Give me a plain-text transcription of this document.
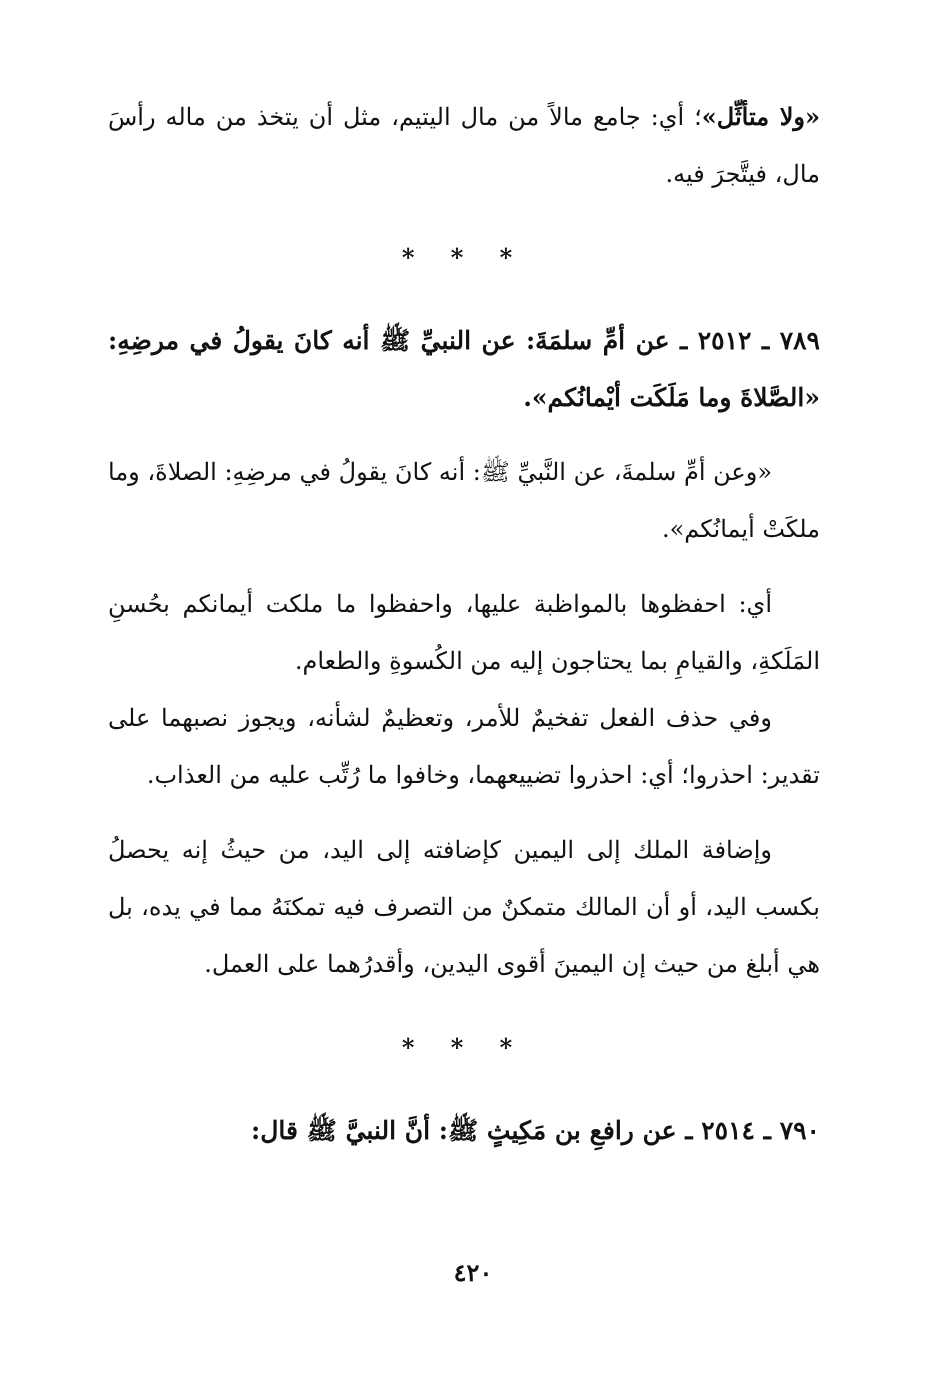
«ولا متأثِّل»؛ أي: جامع مالاً من مال اليتيم، مثل أن يتخذ من ماله رأسَ مال، فيتَّجرَ فيه.

* * *

٧٨٩ ـ ٢٥١٢ ـ عن أمِّ سلمَةَ: عن النبيِّ ﷺ أنه كانَ يقولُ في مرضِهِ: «الصَّلاةَ وما مَلَكَت أيْمانُكم».

«وعن أمِّ سلمةَ، عن النَّبيِّ ﷺ: أنه كانَ يقولُ في مرضِهِ: الصلاةَ، وما ملكَتْ أيمانُكم».

أي: احفظوها بالمواظبة عليها، واحفظوا ما ملكت أيمانكم بحُسنِ المَلَكةِ، والقيامِ بما يحتاجون إليه من الكُسوةِ والطعام.

وفي حذف الفعل تفخيمٌ للأمر، وتعظيمٌ لشأنه، ويجوز نصبهما على تقدير: احذروا؛ أي: احذروا تضييعهما، وخافوا ما رُتِّب عليه من العذاب.

وإضافة الملك إلى اليمين كإضافته إلى اليد، من حيثُ إنه يحصلُ بكسب اليد، أو أن المالك متمكنٌ من التصرف فيه تمكنَهُ مما في يده، بل هي أبلغ من حيث إن اليمينَ أقوى اليدين، وأقدرُهما على العمل.

* * *

٧٩٠ ـ ٢٥١٤ ـ عن رافعِ بن مَكِيثٍ ﷺ: أنَّ النبيَّ ﷺ قال:

٤٢٠
